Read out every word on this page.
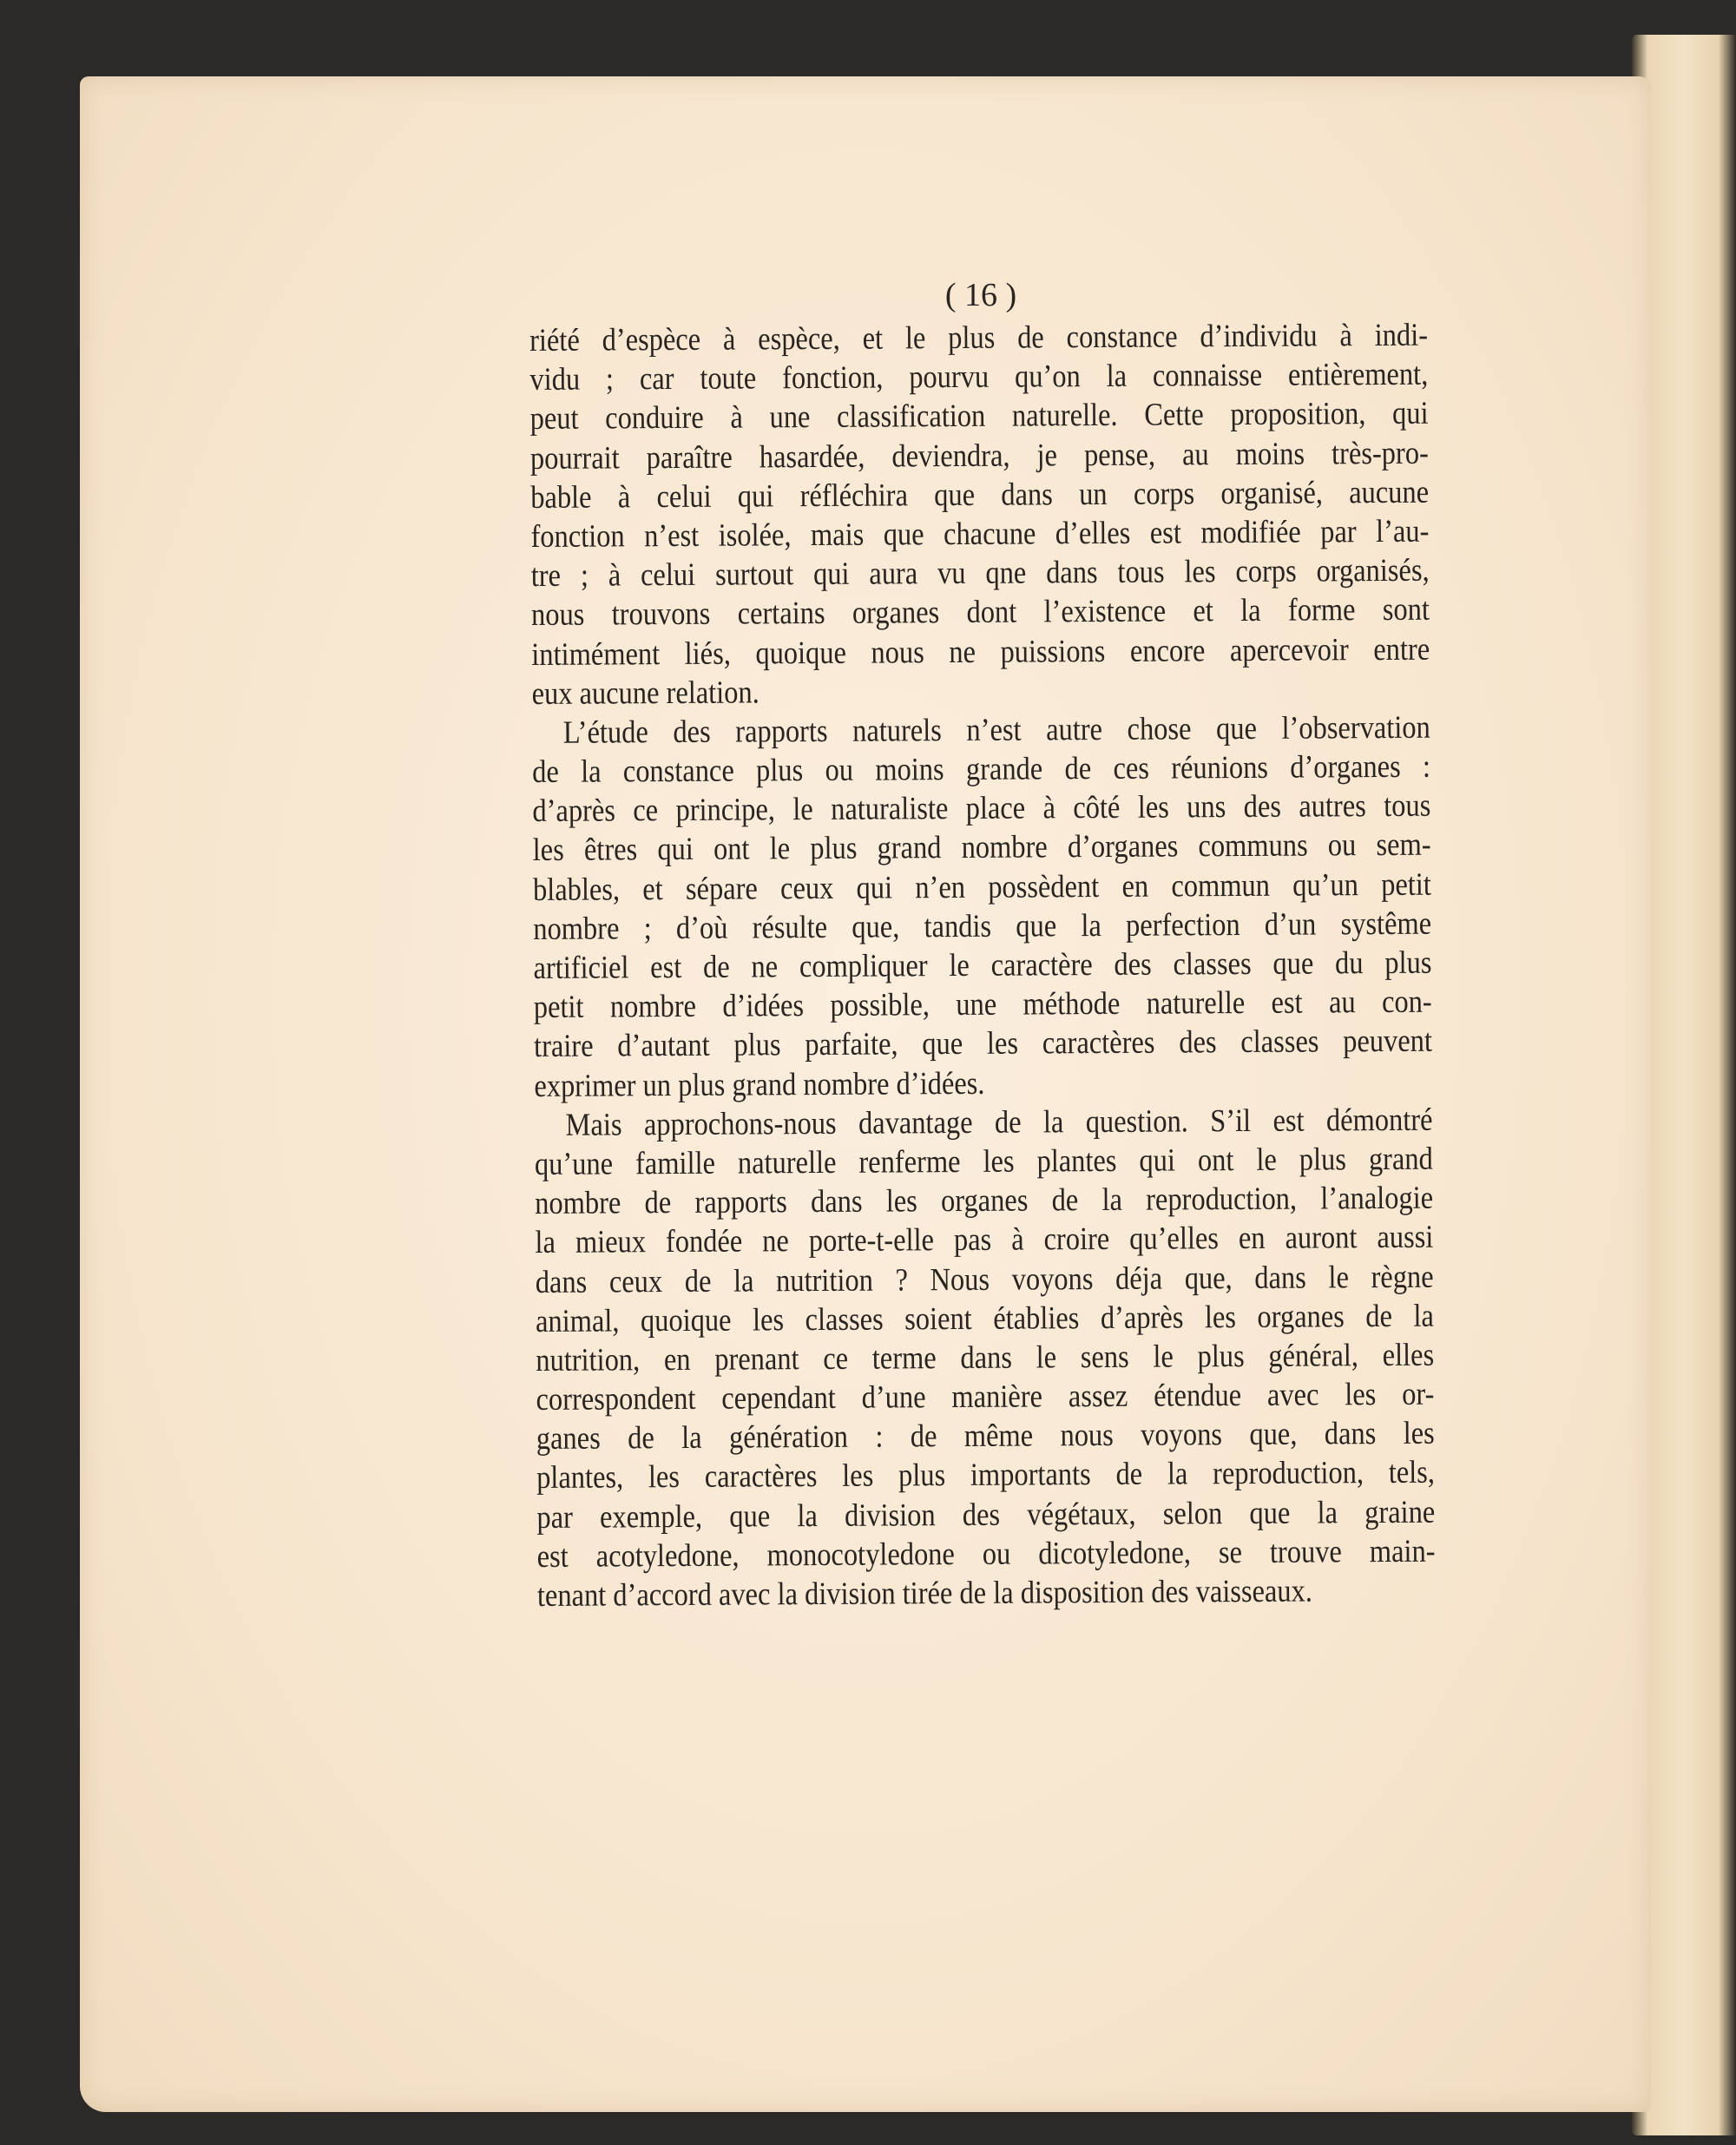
( 16 )
riété d’espèce à espèce, et le plus de constance d’individu à indi-
vidu ; car toute fonction, pourvu qu’on la connaisse entièrement,
peut conduire à une classification naturelle. Cette proposition, qui
pourrait paraître hasardée, deviendra, je pense, au moins très-pro-
bable à celui qui réfléchira que dans un corps organisé, aucune
fonction n’est isolée, mais que chacune d’elles est modifiée par l’au-
tre ; à celui surtout qui aura vu qne dans tous les corps organisés,
nous trouvons certains organes dont l’existence et la forme sont
intimément liés, quoique nous ne puissions encore apercevoir entre
eux aucune relation.
L’étude des rapports naturels n’est autre chose que l’observation
de la constance plus ou moins grande de ces réunions d’organes :
d’après ce principe, le naturaliste place à côté les uns des autres tous
les êtres qui ont le plus grand nombre d’organes communs ou sem-
blables, et sépare ceux qui n’en possèdent en commun qu’un petit
nombre ; d’où résulte que, tandis que la perfection d’un systême
artificiel est de ne compliquer le caractère des classes que du plus
petit nombre d’idées possible, une méthode naturelle est au con-
traire d’autant plus parfaite, que les caractères des classes peuvent
exprimer un plus grand nombre d’idées.
Mais approchons-nous davantage de la question. S’il est démontré
qu’une famille naturelle renferme les plantes qui ont le plus grand
nombre de rapports dans les organes de la reproduction, l’analogie
la mieux fondée ne porte-t-elle pas à croire qu’elles en auront aussi
dans ceux de la nutrition ? Nous voyons déja que, dans le règne
animal, quoique les classes soient établies d’après les organes de la
nutrition, en prenant ce terme dans le sens le plus général, elles
correspondent cependant d’une manière assez étendue avec les or-
ganes de la génération : de même nous voyons que, dans les
plantes, les caractères les plus importants de la reproduction, tels,
par exemple, que la division des végétaux, selon que la graine
est acotyledone, monocotyledone ou dicotyledone, se trouve main-
tenant d’accord avec la division tirée de la disposition des vaisseaux.
